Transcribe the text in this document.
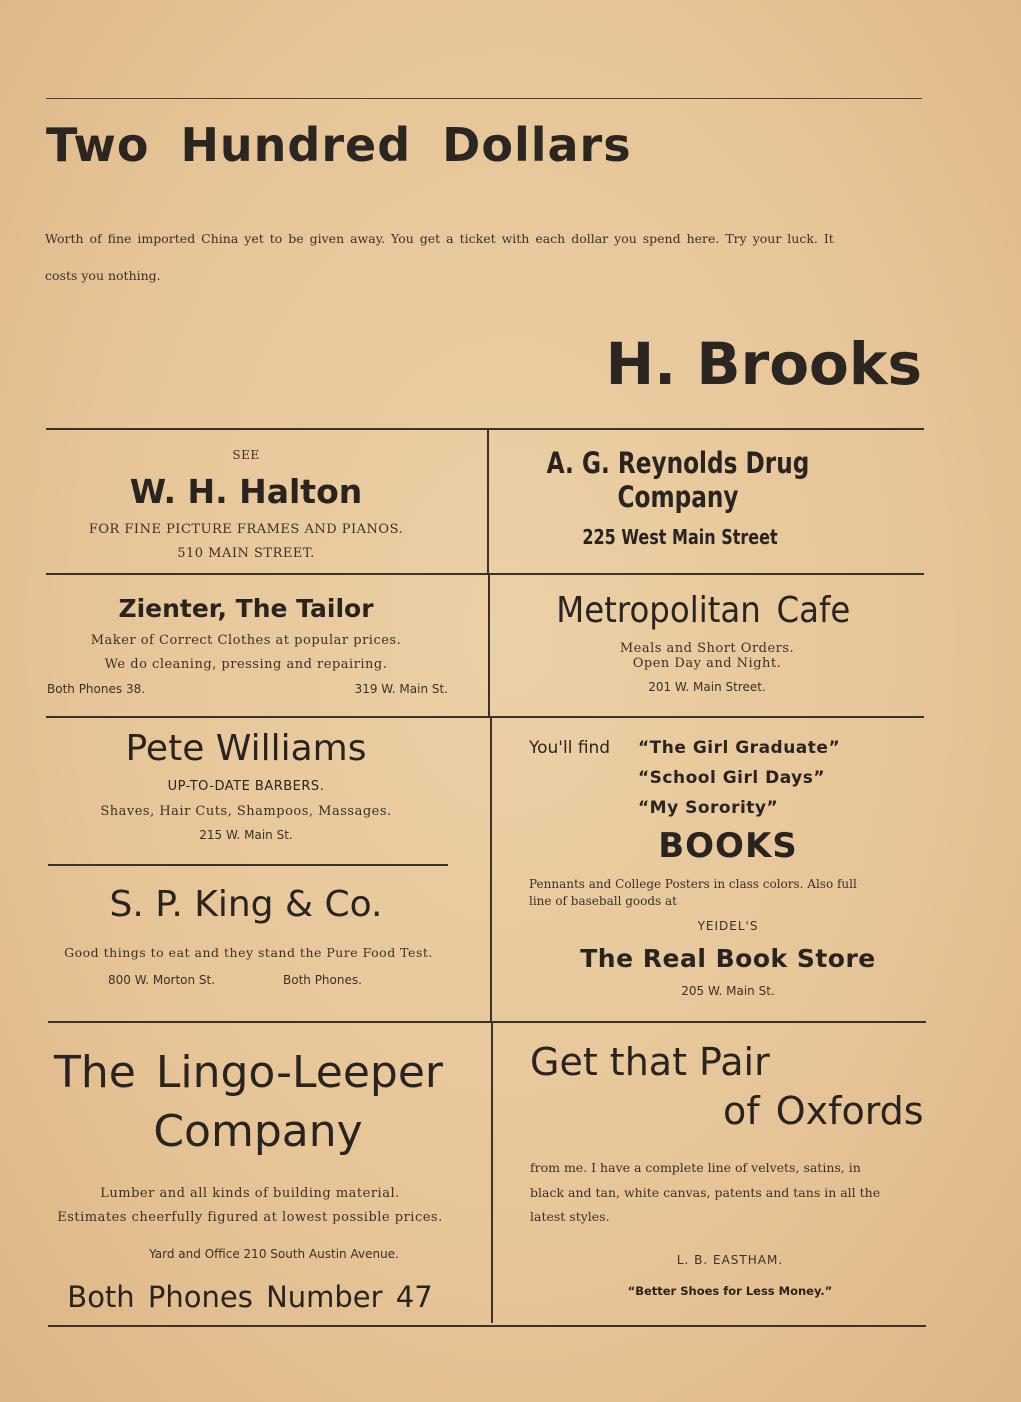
Two Hundred Dollars
Worth of fine imported China yet to be given away. You get a ticket with each dollar you spend here. Try your luck. It
costs you nothing.
H. Brooks
SEE
W. H. Halton
FOR FINE PICTURE FRAMES AND PIANOS.
510 MAIN STREET.
A. G. Reynolds Drug Company
225 West Main Street
Zienter, The Tailor
Maker of Correct Clothes at popular prices.
We do cleaning, pressing and repairing.
Both Phones 38.	319 W. Main St.
Metropolitan Cafe
Meals and Short Orders.
Open Day and Night.
201 W. Main Street.
Pete Williams
UP-TO-DATE BARBERS.
Shaves, Hair Cuts, Shampoos, Massages.
215 W. Main St.
S. P. King & Co.
Good things to eat and they stand the Pure Food Test.
800 W. Morton St.	Both Phones.
You'll find “The Girl Graduate”
“School Girl Days”
“My Sorority”
BOOKS
Pennants and College Posters in class colors. Also full
line of baseball goods at
YEIDEL'S
The Real Book Store
205 W. Main St.
The Lingo-Leeper
Company
Lumber and all kinds of building material.
Estimates cheerfully figured at lowest possible prices.
Yard and Office 210 South Austin Avenue.
Both Phones Number 47
Get that Pair
of Oxfords
from me. I have a complete line of velvets, satins, in
black and tan, white canvas, patents and tans in all the
latest styles.
L. B. EASTHAM.
“Better Shoes for Less Money.”
